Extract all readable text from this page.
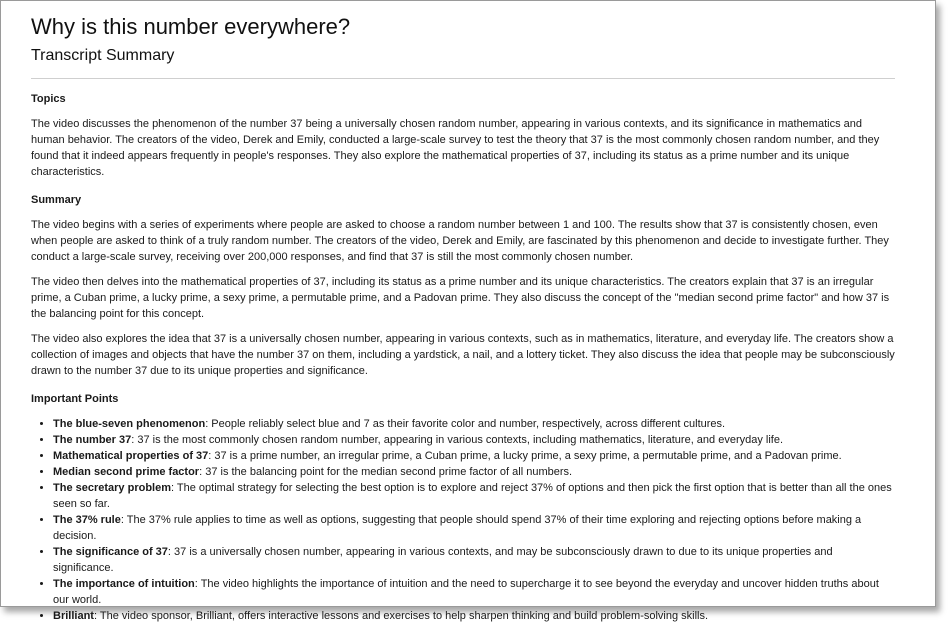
Why is this number everywhere?
Transcript Summary
Topics

The video discusses the phenomenon of the number 37 being a universally chosen random number, appearing in various contexts, and its significance in mathematics and human behavior. The creators of the video, Derek and Emily, conducted a large-scale survey to test the theory that 37 is the most commonly chosen random number, and they found that it indeed appears frequently in people's responses. They also explore the mathematical properties of 37, including its status as a prime number and its unique characteristics.

Summary

The video begins with a series of experiments where people are asked to choose a random number between 1 and 100. The results show that 37 is consistently chosen, even when people are asked to think of a truly random number. The creators of the video, Derek and Emily, are fascinated by this phenomenon and decide to investigate further. They conduct a large-scale survey, receiving over 200,000 responses, and find that 37 is still the most commonly chosen number.

The video then delves into the mathematical properties of 37, including its status as a prime number and its unique characteristics. The creators explain that 37 is an irregular prime, a Cuban prime, a lucky prime, a sexy prime, a permutable prime, and a Padovan prime. They also discuss the concept of the "median second prime factor" and how 37 is the balancing point for this concept.

The video also explores the idea that 37 is a universally chosen number, appearing in various contexts, such as in mathematics, literature, and everyday life. The creators show a collection of images and objects that have the number 37 on them, including a yardstick, a nail, and a lottery ticket. They also discuss the idea that people may be subconsciously drawn to the number 37 due to its unique properties and significance.

Important Points
• The blue-seven phenomenon: People reliably select blue and 7 as their favorite color and number, respectively, across different cultures.
• The number 37: 37 is the most commonly chosen random number, appearing in various contexts, including mathematics, literature, and everyday life.
• Mathematical properties of 37: 37 is a prime number, an irregular prime, a Cuban prime, a lucky prime, a sexy prime, a permutable prime, and a Padovan prime.
• Median second prime factor: 37 is the balancing point for the median second prime factor of all numbers.
• The secretary problem: The optimal strategy for selecting the best option is to explore and reject 37% of options and then pick the first option that is better than all the ones seen so far.
• The 37% rule: The 37% rule applies to time as well as options, suggesting that people should spend 37% of their time exploring and rejecting options before making a decision.
• The significance of 37: 37 is a universally chosen number, appearing in various contexts, and may be subconsciously drawn to due to its unique properties and significance.
• The importance of intuition: The video highlights the importance of intuition and the need to supercharge it to see beyond the everyday and uncover hidden truths about our world.
• Brilliant: The video sponsor, Brilliant, offers interactive lessons and exercises to help sharpen thinking and build problem-solving skills.
